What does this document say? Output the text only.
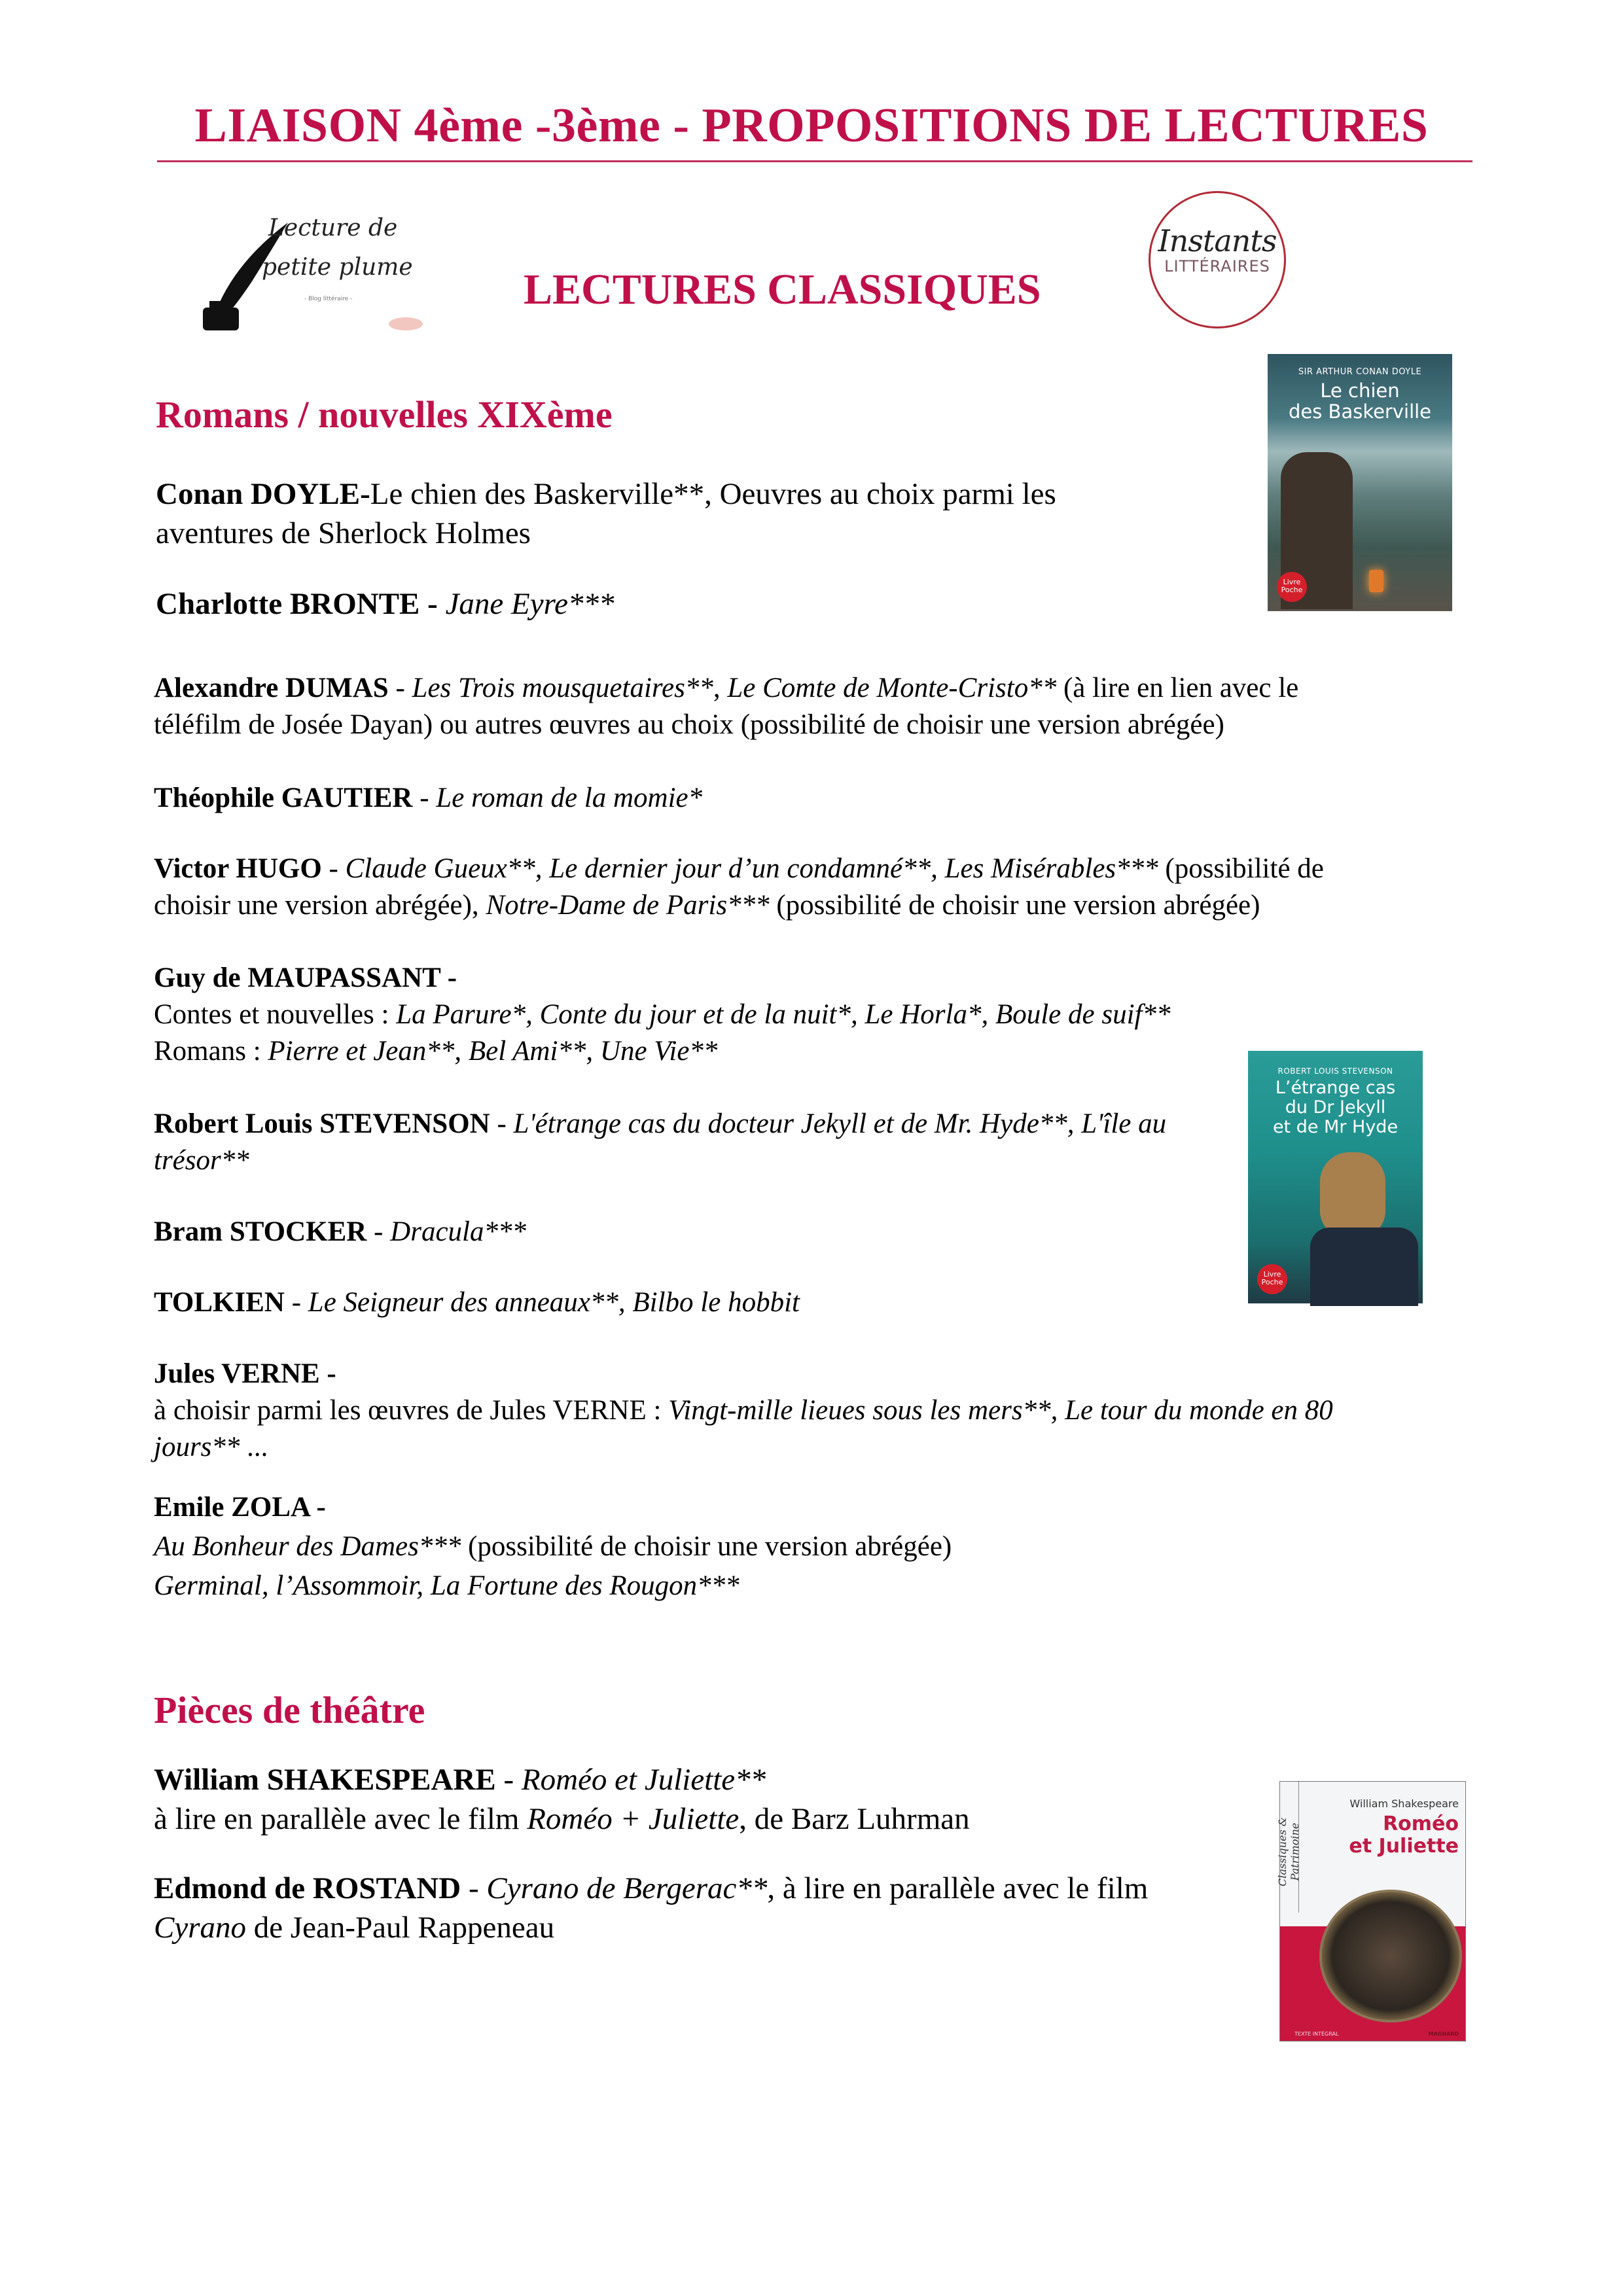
LIAISON 4ème -3ème - PROPOSITIONS DE LECTURES
Lecture de
petite plume
- Blog littéraire -	LECTURES CLASSIQUES
Instants
LITTÉRAIRES
Romans / nouvelles XIXème
Conan DOYLE-Le chien des Baskerville**, Oeuvres au choix parmi les
aventures de Sherlock Holmes
Charlotte BRONTE - Jane Eyre***
Alexandre DUMAS - Les Trois mousquetaires**, Le Comte de Monte-Cristo** (à lire en lien avec le
téléfilm de Josée Dayan) ou autres œuvres au choix (possibilité de choisir une version abrégée)
Théophile GAUTIER - Le roman de la momie*
Victor HUGO - Claude Gueux**, Le dernier jour d’un condamné**, Les Misérables*** (possibilité de
choisir une version abrégée), Notre-Dame de Paris*** (possibilité de choisir une version abrégée)
Guy de MAUPASSANT -
Contes et nouvelles : La Parure*, Conte du jour et de la nuit*, Le Horla*, Boule de suif**
Romans : Pierre et Jean**, Bel Ami**, Une Vie**
Robert Louis STEVENSON - L'étrange cas du docteur Jekyll et de Mr. Hyde**, L'île au
trésor**
Bram STOCKER - Dracula***
TOLKIEN - Le Seigneur des anneaux**, Bilbo le hobbit
Jules VERNE -
à choisir parmi les œuvres de Jules VERNE : Vingt-mille lieues sous les mers**, Le tour du monde en 80
jours** ...
Emile ZOLA -
Au Bonheur des Dames*** (possibilité de choisir une version abrégée)
Germinal, l’Assommoir, La Fortune des Rougon***
Pièces de théâtre
William SHAKESPEARE - Roméo et Juliette**
à lire en parallèle avec le film Roméo + Juliette, de Barz Luhrman
Edmond de ROSTAND - Cyrano de Bergerac**, à lire en parallèle avec le film
Cyrano de Jean-Paul Rappeneau
SIR ARTHUR CONAN DOYLE
Le chien
des Baskerville
Livre Poche
ROBERT LOUIS STEVENSON
L’étrange cas
du Dr Jekyll
et de Mr Hyde
Livre Poche
Classiques & Patrimoine
William Shakespeare
Roméo
et Juliette
TEXTE INTÉGRAL	MAGNARD
